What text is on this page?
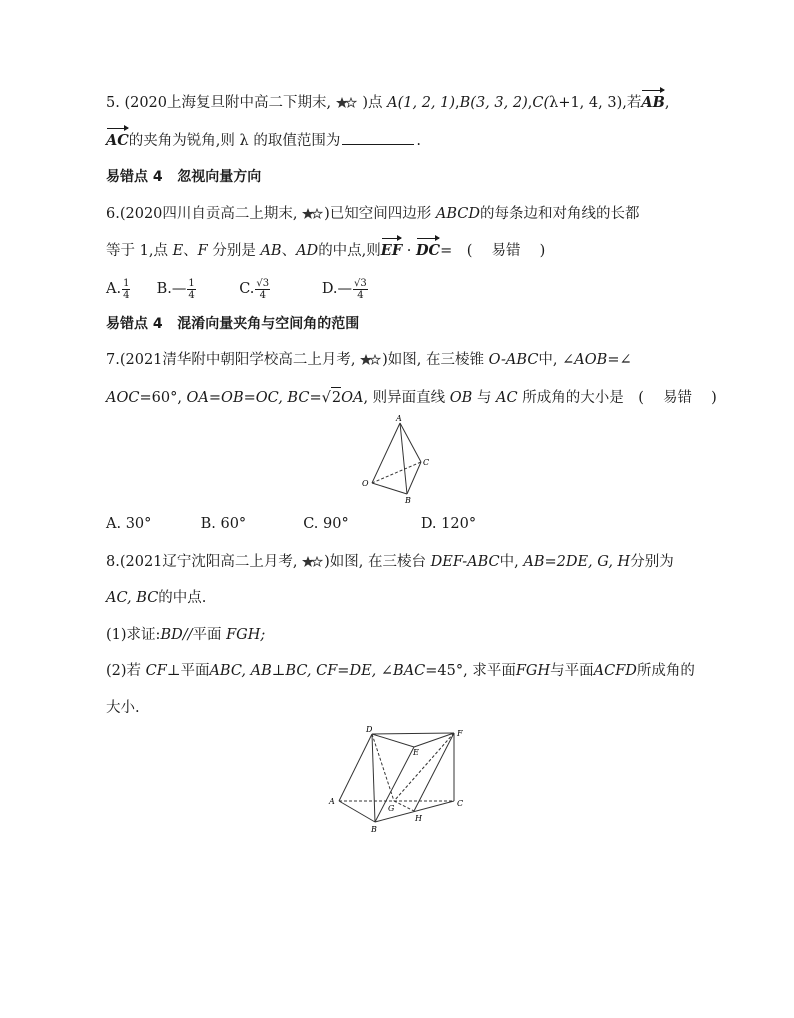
5. (2020上海复旦附中高二下期末, )点 A(1, 2, 1),B(3, 3, 2),C(λ+1, 4, 3),若AB,
AC的夹角为锐角,则 λ 的取值范围为	.
易错点 4 忽视向量方向
6.(2020四川自贡高二上期末, )已知空间四边形 ABCD的每条边和对角线的长都
等于 1,点 E、F 分别是 AB、AD的中点,则EF · DC=　(　 易错　 )
A. $\frac{1}{4}$ B.— $\frac{1}{4}$	C. $\frac{√3}{4}$	D.— $\frac{√3}{4}$
易错点 4 混淆向量夹角与空间角的范围
7.(2021清华附中朝阳学校高二上月考, )如图, 在三棱锥 O-ABC中, ∠AOB=∠
AOC=60°, OA=OB=OC, BC=√2OA, 则异面直线 OB 与 AC 所成角的大小是　(　 易错　 )
A
C
O
B
A. 30°	B. 60°	C. 90°	D. 120°
8.(2021辽宁沈阳高二上月考, )如图, 在三棱台 DEF-ABC中, AB=2DE, G, H分别为
AC, BC的中点.
(1)求证:BD//平面 FGH;
(2)若 CF⊥平面ABC, AB⊥BC, CF=DE, ∠BAC=45°, 求平面FGH与平面ACFD所成角的
大小.
D
E
F
A
G
C
H
B
